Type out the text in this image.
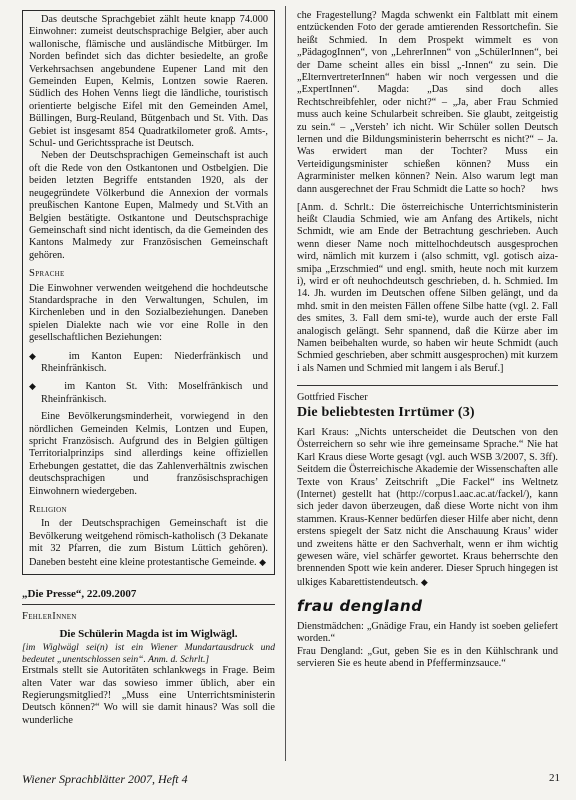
Das deutsche Sprachgebiet zählt heute knapp 74.000 Einwohner: zumeist deutschsprachige Belgier, aber auch wallonische, flämische und ausländische Mitbürger. Im Norden befindet sich das dichter besiedelte, an große Verkehrsachsen angebundene Eupener Land mit den Gemeinden Eupen, Kelmis, Lontzen sowie Raeren. Südlich des Hohen Venns liegt die ländliche, touristisch orientierte belgische Eifel mit den Gemeinden Amel, Büllingen, Burg-Reuland, Bütgenbach und St. Vith. Das Gebiet ist insgesamt 854 Quadratkilometer groß. Amts-, Schul- und Gerichtssprache ist Deutsch.

Neben der Deutschsprachigen Gemeinschaft ist auch oft die Rede von den Ostkantonen und Ostbelgien. Die beiden letzten Begriffe entstanden 1920, als der neugegründete Völkerbund die Annexion der vormals preußischen Kantone Eupen, Malmedy und St.Vith an Belgien bestätigte. Ostkantone und Deutschsprachige Gemeinschaft sind nicht identisch, da die Gemeinden des Kantons Malmedy zur Französischen Gemeinschaft gehören.

Sprache

Die Einwohner verwenden weitgehend die hochdeutsche Standardsprache in den Verwaltungen, Schulen, im Kirchenleben und in den Sozialbeziehungen. Daneben spielen Dialekte nach wie vor eine Rolle in den gesellschaftlichen Beziehungen:

◆ im Kanton Eupen: Niederfränkisch und Rheinfränkisch.

◆ im Kanton St. Vith: Moselfränkisch und Rheinfränkisch.

Eine Bevölkerungsminderheit, vorwiegend in den nördlichen Gemeinden Kelmis, Lontzen und Eupen, spricht Französisch. Aufgrund des in Belgien gültigen Territorialprinzips sind allerdings keine offiziellen Erhebungen gestattet, die das Zahlenverhältnis zwischen deutschsprachigen und französischsprachigen Einwohnern wiedergeben.

Religion

In der Deutschsprachigen Gemeinschaft ist die Bevölkerung weitgehend römisch-katholisch (3 Dekanate mit 32 Pfarren, die zum Bistum Lüttich gehören). Daneben besteht eine kleine protestantische Gemeinde. ◆

„Die Presse“, 22.09.2007
FehlerInnen
Die Schülerin Magda ist im Wiglwägl.

[im Wiglwägl sei(n) ist ein Wiener Mundartausdruck und bedeutet „unentschlossen sein“. Anm. d. Schrlt.]

Erstmals stellt sie Autoritäten schlankwegs in Frage. Beim alten Vater war das sowieso immer üblich, aber ein Regierungsmitglied?! „Muss eine Unterrichtsministerin Deutsch können?“ Wo will sie damit hinaus? Was soll die wunderliche

che Fragestellung? Magda schwenkt ein Faltblatt mit einem entzückenden Foto der gerade amtierenden Ressortchefin. Sie heißt Schmied. In dem Prospekt wimmelt es von „PädagogInnen“, von „LehrerInnen“ von „SchülerInnen“, bei der Dame scheint alles ein bissl „-Innen“ zu sein. Die „ElternvertreterInnen“ haben wir noch vergessen und die „ExpertInnen“. Magda: „Das sind doch alles Rechtschreibfehler, oder nicht?“ – „Ja, aber Frau Schmied muss auch keine Schularbeit schreiben. Sie glaubt, zeitgeistig zu sein.“ – „Versteh’ ich nicht. Wir Schüler sollen Deutsch lernen und die Bildungsministerin beherrscht es nicht?“ – Ja. Was erwidert man der Tochter? Muss ein Verteidigungsminister schießen können? Muss ein Agrarminister melken können? Nein. Also warum legt man dann ausgerechnet der Frau Schmidt die Latte so hoch?	hws

[Anm. d. Schrlt.: Die österreichische Unterrichtsministerin heißt Claudia Schmied, wie am Anfang des Artikels, nicht Schmidt, wie am Ende der Betrachtung geschrieben. Auch wenn dieser Name noch mittelhochdeutsch ausgesprochen wird, nämlich mit kurzem i (also schmitt, vgl. gotisch aiza-smiþa „Erzschmied“ und engl. smith, heute noch mit kurzem i), wird er oft neuhochdeutsch geschrieben, d. h. Schmied. Im 14. Jh. wurden im Deutschen offene Silben gelängt, und da mhd. smit in den meisten Fällen offene Silbe hatte (vgl. 2. Fall des smites, 3. Fall dem smi-te), wurde auch der erste Fall analogisch gelängt. Sehr spannend, daß die Kürze aber im Namen beibehalten wurde, so haben wir heute Schmidt (auch Schmied geschrieben, aber schmitt ausgesprochen) mit kurzem i als Namen und Schmied mit langem i als Beruf.]

Gottfried Fischer
Die beliebtesten Irrtümer (3)

Karl Kraus: „Nichts unterscheidet die Deutschen von den Österreichern so sehr wie ihre gemeinsame Sprache.“ Nie hat Karl Kraus diese Worte gesagt (vgl. auch WSB 3/2007, S. 3ff). Seitdem die Österreichische Akademie der Wissenschaften alle Texte von Kraus’ Zeitschrift „Die Fackel“ ins Weltnetz (Internet) gestellt hat (http://corpus1.aac.ac.at/fackel/), kann sich jeder davon überzeugen, daß diese Worte nicht von ihm stammen. Kraus-Kenner bedürfen dieser Hilfe aber nicht, denn erstens spiegelt der Satz nicht die Anschauung Kraus’ wider und zweitens hätte er den Sachverhalt, wenn er ihm wichtig gewesen wäre, viel schärfer gewortet. Kraus beherrschte den brennenden Spott wie kein anderer. Dieser Spruch hingegen ist ulkiges Kabarettistendeutsch. ◆

frau dengland

Dienstmädchen: „Gnädige Frau, ein Handy ist soeben geliefert worden.“

Frau Dengland: „Gut, geben Sie es in den Kühlschrank und servieren Sie es heute abend in Pfefferminzsauce.“

Wiener Sprachblätter 2007, Heft 4	21
